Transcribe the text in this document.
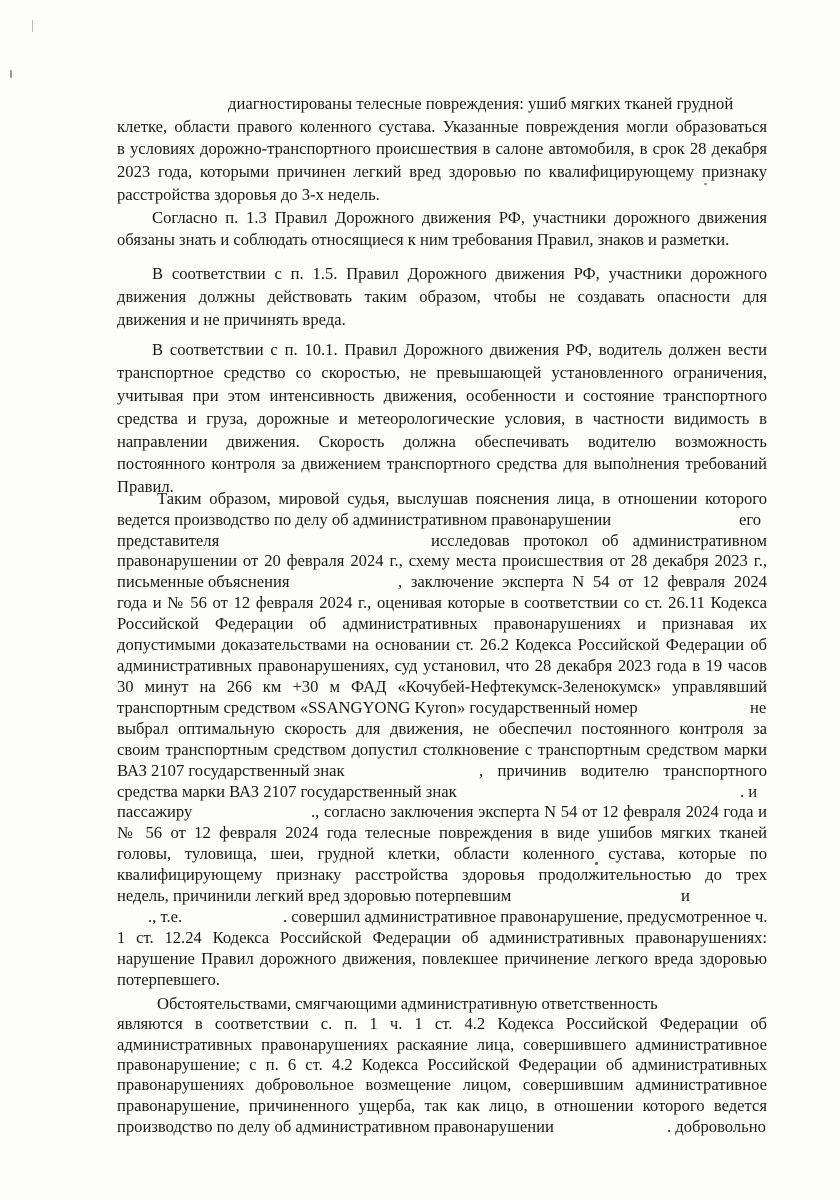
диагностированы телесные повреждения: ушиб мягких тканей грудной
клетке, области правого коленного сустава. Указанные повреждения могли образоваться
в условиях дорожно-транспортного происшествия в салоне автомобиля, в срок 28 декабря
2023 года, которыми причинен легкий вред здоровью по квалифицирующему признаку
расстройства здоровья до 3-х недель.
Согласно п. 1.3 Правил Дорожного движения РФ, участники дорожного движения
обязаны знать и соблюдать относящиеся к ним требования Правил, знаков и разметки.
В соответствии с п. 1.5. Правил Дорожного движения РФ, участники дорожного
движения должны действовать таким образом, чтобы не создавать опасности для
движения и не причинять вреда.
В соответствии с п. 10.1. Правил Дорожного движения РФ, водитель должен вести
транспортное средство со скоростью, не превышающей установленного ограничения,
учитывая при этом интенсивность движения, особенности и состояние транспортного
средства и груза, дорожные и метеорологические условия, в частности видимость в
направлении движения. Скорость должна обеспечивать водителю возможность
постоянного контроля за движением транспортного средства для выполнения требований
Правил.
Таким образом, мировой судья, выслушав пояснения лица, в отношении которого
ведется производство по делу об административном правонарушении	его
представителя	исследовав протокол об административном
правонарушении от 20 февраля 2024 г., схему места происшествия от 28 декабря 2023 г.,
письменные объяснения	, заключение эксперта N 54 от 12 февраля 2024
года и № 56 от 12 февраля 2024 г., оценивая которые в соответствии со ст. 26.11 Кодекса
Российской Федерации об административных правонарушениях и признавая их
допустимыми доказательствами на основании ст. 26.2 Кодекса Российской Федерации об
административных правонарушениях, суд установил, что 28 декабря 2023 года в 19 часов
30 минут на 266 км +30 м ФАД «Кочубей-Нефтекумск-Зеленокумск» управлявший
транспортным средством «SSANGYONG Kyron» государственный номер	не
выбрал оптимальную скорость для движения, не обеспечил постоянного контроля за
своим транспортным средством допустил столкновение с транспортным средством марки
ВАЗ 2107 государственный знак	, причинив водителю транспортного
средства марки ВАЗ 2107 государственный знак	. и
пассажиру	., согласно заключения эксперта N 54 от 12 февраля 2024 года и
№ 56 от 12 февраля 2024 года телесные повреждения в виде ушибов мягких тканей
головы, туловища, шеи, грудной клетки, области коленного сустава, которые по
квалифицирующему признаку расстройства здоровья продолжительностью до трех
недель, причинили легкий вред здоровью потерпевшим	и
., т.е.	. совершил административное правонарушение, предусмотренное ч.
1 ст. 12.24 Кодекса Российской Федерации об административных правонарушениях:
нарушение Правил дорожного движения, повлекшее причинение легкого вреда здоровью
потерпевшего.
Обстоятельствами, смягчающими административную ответственность
являются в соответствии с. п. 1 ч. 1 ст. 4.2 Кодекса Российской Федерации об
административных правонарушениях раскаяние лица, совершившего административное
правонарушение; с п. 6 ст. 4.2 Кодекса Российской Федерации об административных
правонарушениях добровольное возмещение лицом, совершившим административное
правонарушение, причиненного ущерба, так как лицо, в отношении которого ведется
производство по делу об административном правонарушении	. добровольно
